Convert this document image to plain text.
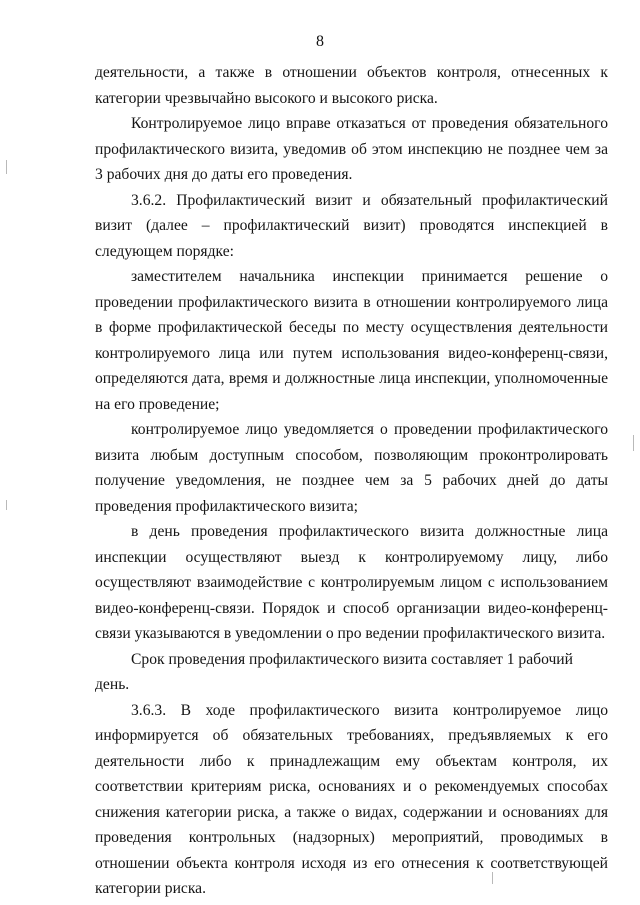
8

деятельности, а также в отношении объектов контроля, отнесенных к категории чрезвычайно высокого и высокого риска.

Контролируемое лицо вправе отказаться от проведения обязательного профилактического визита, уведомив об этом инспекцию не позднее чем за 3 рабочих дня до даты его проведения.

3.6.2. Профилактический визит и обязательный профилактический визит (далее – профилактический визит) проводятся инспекцией в следующем порядке:

заместителем начальника инспекции принимается решение о проведении профилактического визита в отношении контролируемого лица в форме профилактической беседы по месту осуществления деятельности контролируемого лица или путем использования видео-конференц-связи, определяются дата, время и должностные лица инспекции, уполномоченные на его проведение;

контролируемое лицо уведомляется о проведении профилактического визита любым доступным способом, позволяющим проконтролировать получение уведомления, не позднее чем за 5 рабочих дней до даты проведения профилактического визита;

в день проведения профилактического визита должностные лица инспекции осуществляют выезд к контролируемому лицу, либо осуществляют взаимодействие с контролируемым лицом с использованием видео-конференц-связи. Порядок и способ организации видео-конференц-связи указываются в уведомлении о про ведении профилактического визита.

Срок проведения профилактического визита составляет 1 рабочий день.

3.6.3. В ходе профилактического визита контролируемое лицо информируется об обязательных требованиях, предъявляемых к его деятельности либо к принадлежащим ему объектам контроля, их соответствии критериям риска, основаниях и о рекомендуемых способах снижения категории риска, а также о видах, содержании и основаниях для проведения контрольных (надзорных) мероприятий, проводимых в отношении объекта контроля исходя из его отнесения к соответствующей категории риска.
